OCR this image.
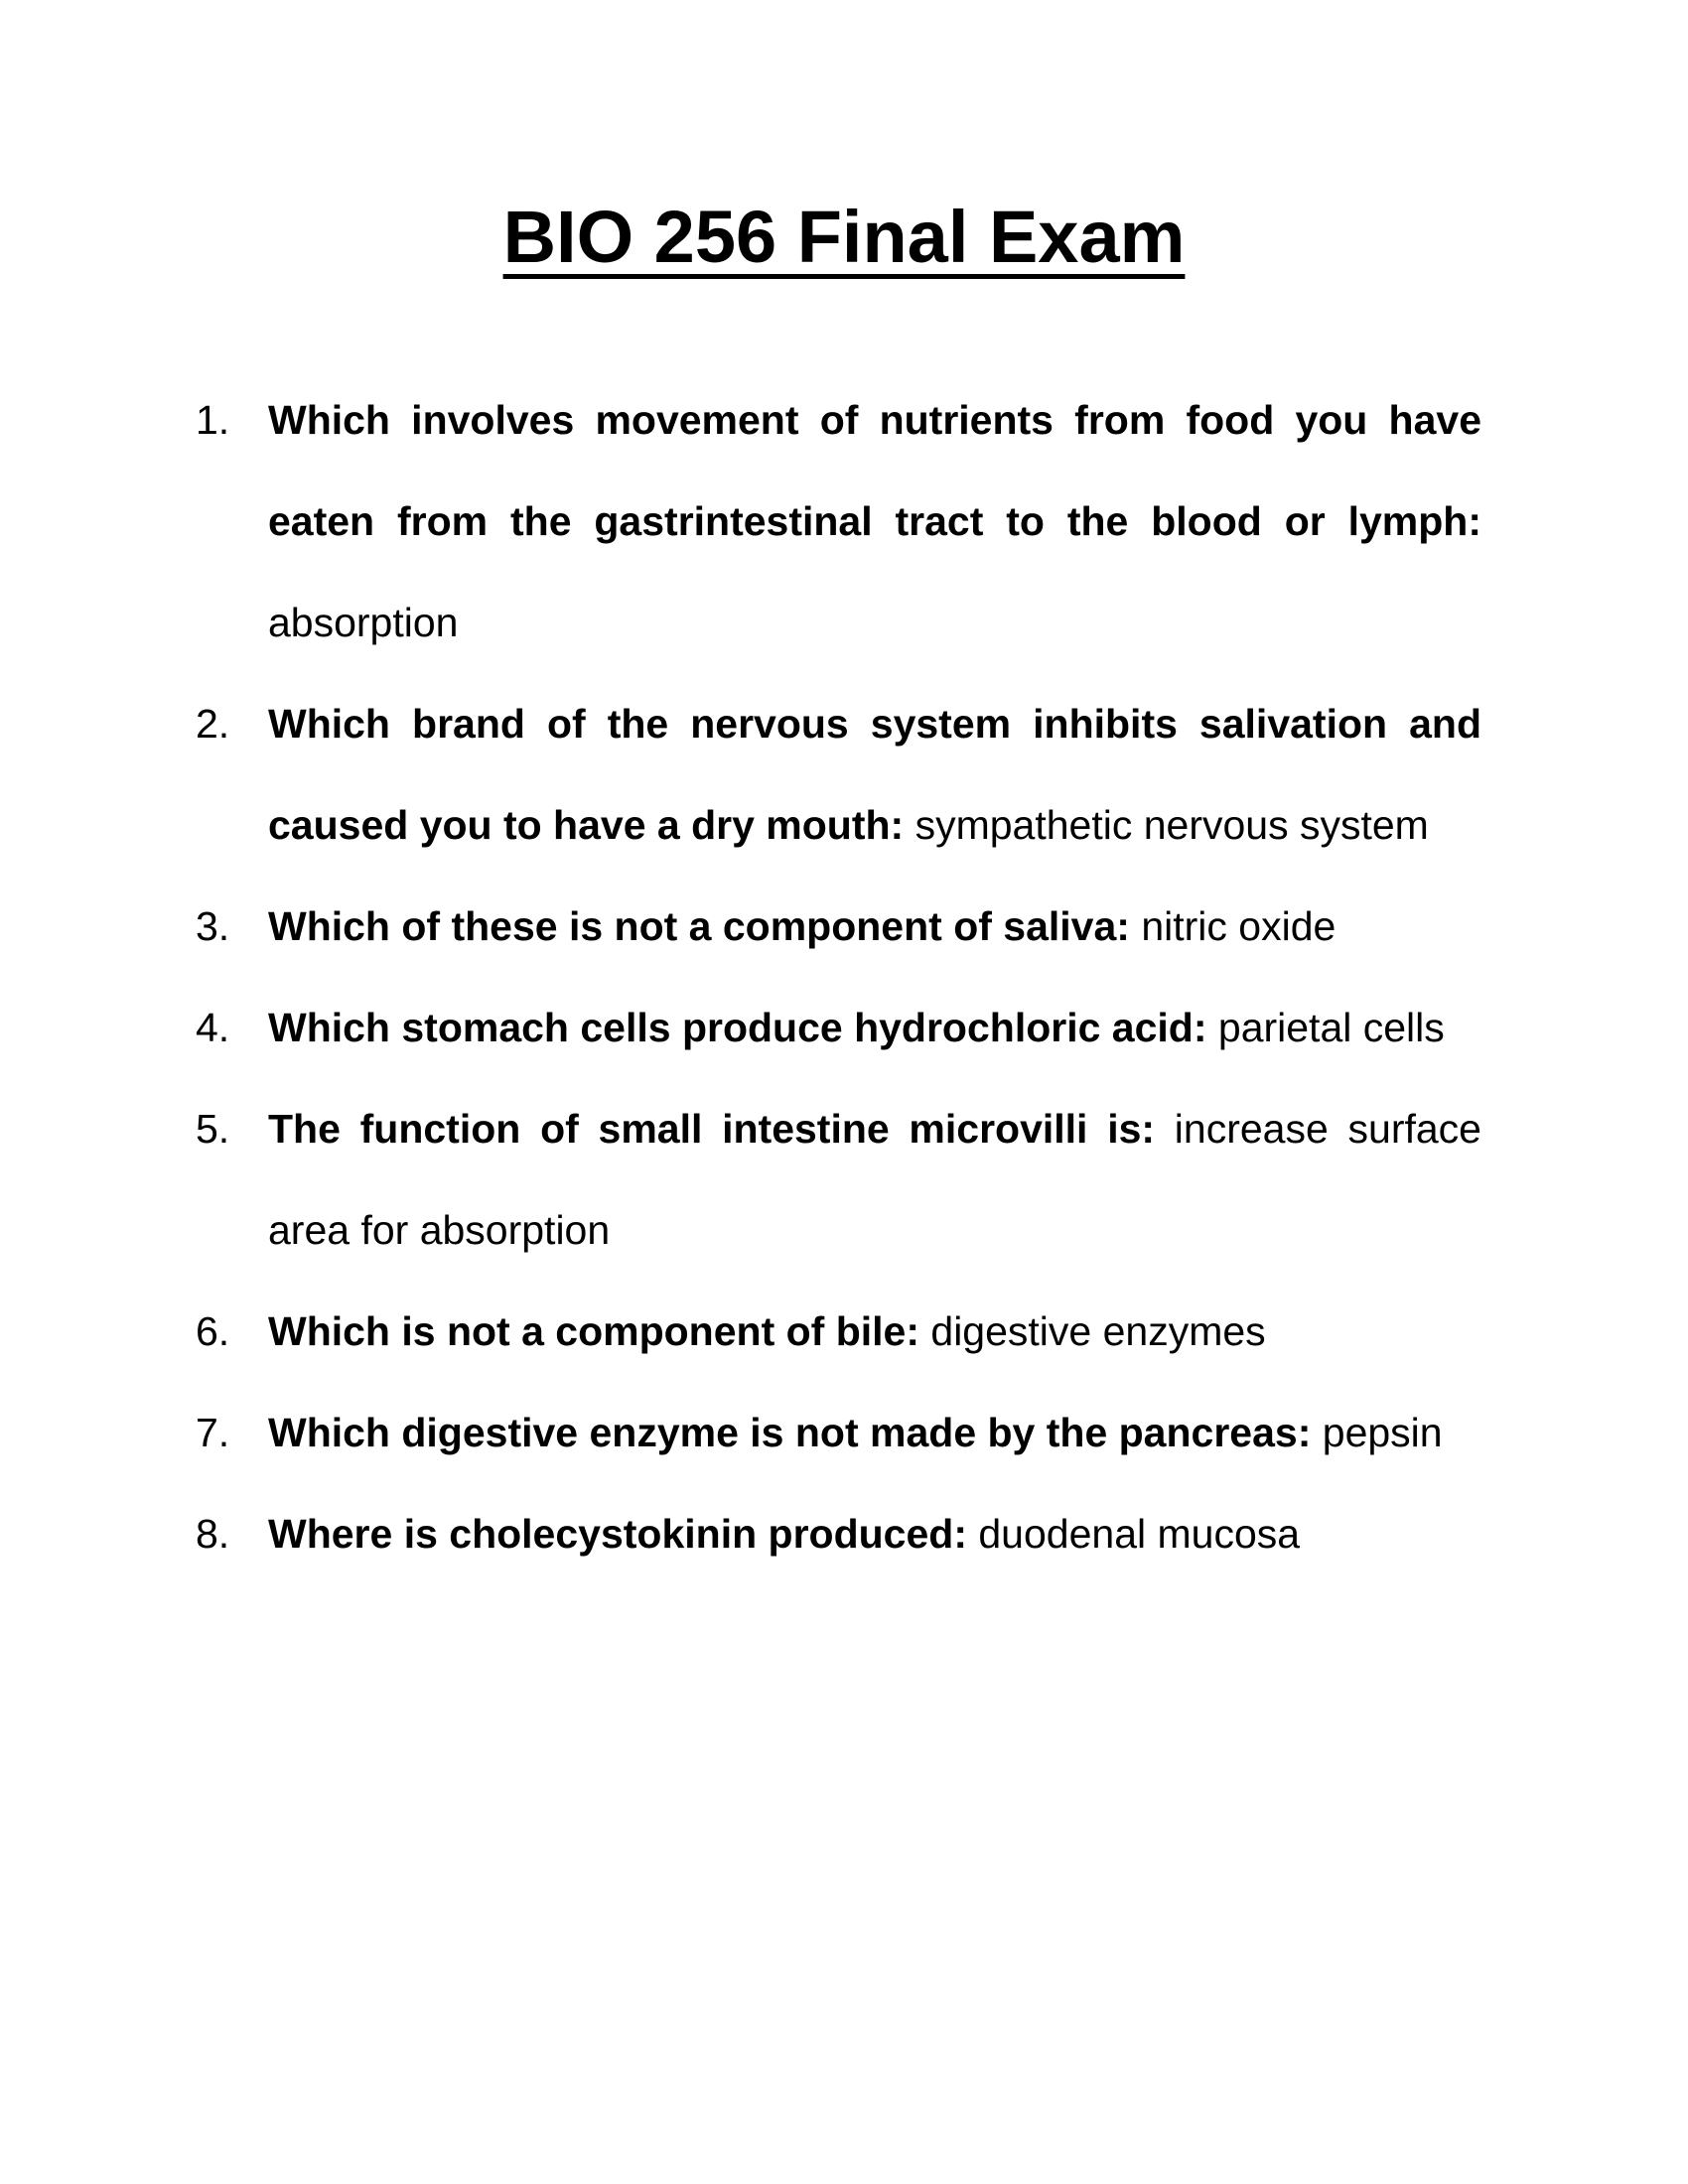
BIO 256 Final Exam
1. Which involves movement of nutrients from food you have eaten from the gastrintestinal tract to the blood or lymph: absorption
2. Which brand of the nervous system inhibits salivation and caused you to have a dry mouth: sympathetic nervous system
3. Which of these is not a component of saliva: nitric oxide
4. Which stomach cells produce hydrochloric acid: parietal cells
5. The function of small intestine microvilli is: increase surface area for absorption
6. Which is not a component of bile: digestive enzymes
7. Which digestive enzyme is not made by the pancreas: pepsin
8. Where is cholecystokinin produced: duodenal mucosa
